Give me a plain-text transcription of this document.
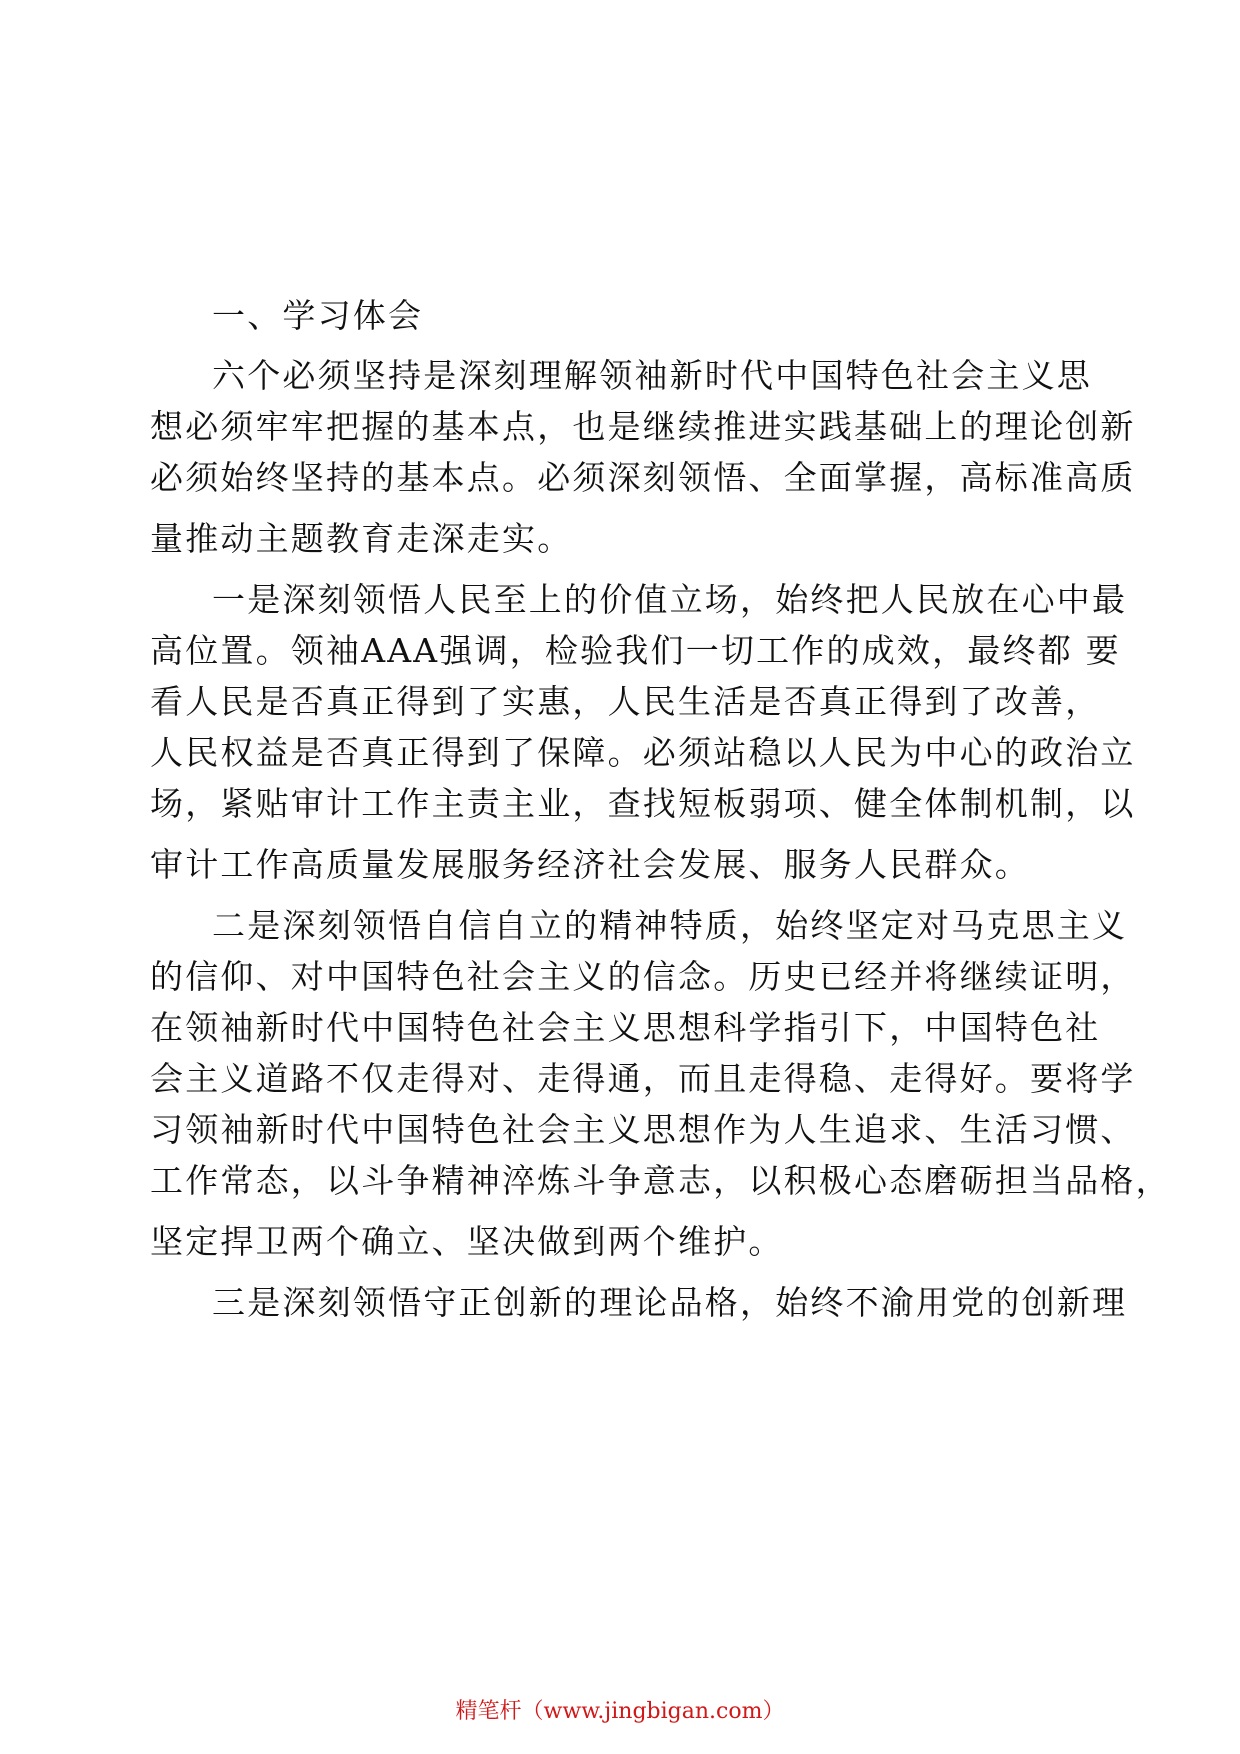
一、学习体会
六个必须坚持是深刻理解领袖新时代中国特色社会主义思
想必须牢牢把握的基本点，也是继续推进实践基础上的理论创新
必须始终坚持的基本点。必须深刻领悟、全面掌握，高标准高质
量推动主题教育走深走实。
一是深刻领悟人民至上的价值立场，始终把人民放在心中最
高位置。领袖AAA强调，检验我们一切工作的成效，最终都 要
看人民是否真正得到了实惠，人民生活是否真正得到了改善，
人民权益是否真正得到了保障。必须站稳以人民为中心的政治立
场，紧贴审计工作主责主业，查找短板弱项、健全体制机制，以
审计工作高质量发展服务经济社会发展、服务人民群众。
二是深刻领悟自信自立的精神特质，始终坚定对马克思主义
的信仰、对中国特色社会主义的信念。历史已经并将继续证明，
在领袖新时代中国特色社会主义思想科学指引下，中国特色社
会主义道路不仅走得对、走得通，而且走得稳、走得好。要将学
习领袖新时代中国特色社会主义思想作为人生追求、生活习惯、
工作常态，以斗争精神淬炼斗争意志，以积极心态磨砺担当品格，
坚定捍卫两个确立、坚决做到两个维护。
三是深刻领悟守正创新的理论品格，始终不渝用党的创新理
精笔杆（www.jingbigan.com）
